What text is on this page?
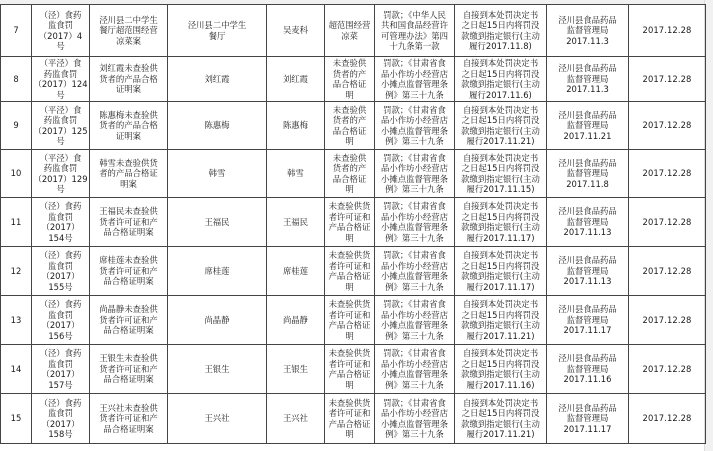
7	（泾）食药
监食罚
（2017）4
号	泾川县二中学生
餐厅超范围经营
凉菜案	泾川县二中学生
餐厅	吴麦科	超范围经营
凉菜	罚款；《中华人民
共和国食品经营许
可管理办法》第四
十九条第一款	自接到本处罚决定书
之日起15日内将罚没
款缴到指定银行(主动
履行2017.11.8)	泾川县食品药品
监督管理局
2017.11.3	2017.12.28
8	（平泾）食
药监食罚
（2017）124
号	刘红霞未查验供
货者的产品合格
证明案	刘红霞	刘红霞	未查验供
货者的产
品合格证
明	罚款；《甘肃省食
品小作坊小经营店
小摊点监督管理条
例》第三十九条	自接到本处罚决定书
之日起15日内将罚没
款缴到指定银行(主动
履行2017.11.6)	泾川县食品药品
监督管理局
2017.11.3	2017.12.28
9	（平泾）食
药监食罚
（2017）125
号	陈惠梅未查验供
货者的产品合格
证明案	陈惠梅	陈惠梅	未查验供
货者的产
品合格证
明	罚款；《甘肃省食
品小作坊小经营店
小摊点监督管理条
例》第三十九条	自接到本处罚决定书
之日起15日内将罚没
款缴到指定银行(主动
履行2017.11.21)	泾川县食品药品
监督管理局
2017.11.21	2017.12.28
10	（平泾）食
药监食罚
（2017）129
号	韩雪未查验供货
者的产品合格证
明案	韩雪	韩雪	未查验供
货者的产
品合格证
明	罚款；《甘肃省食
品小作坊小经营店
小摊点监督管理条
例》第三十九条	自接到本处罚决定书
之日起15日内将罚没
款缴到指定银行(主动
履行2017.11.15)	泾川县食品药品
监督管理局
2017.11.8	2017.12.28
11	（泾）食药
监食罚
（2017）
154号	王福民未查验供
货者许可证和产
品合格证明案	王福民	王福民	未查验供货
者许可证和
产品合格证
明	罚款；《甘肃省食
品小作坊小经营店
小摊点监督管理条
例》第三十九条	自接到本处罚决定书
之日起15日内将罚没
款缴到指定银行(主动
履行2017.11.17)	泾川县食品药品
监督管理局
2017.11.13	2017.12.28
12	（泾）食药
监食罚
（2017）
155号	席桂莲未查验供
货者许可证和产
品合格证明案	席桂莲	席桂莲	未查验供货
者许可证和
产品合格证
明	罚款；《甘肃省食
品小作坊小经营店
小摊点监督管理条
例》第三十九条	自接到本处罚决定书
之日起15日内将罚没
款缴到指定银行(主动
履行2017.11.17)	泾川县食品药品
监督管理局
2017.11.13	2017.12.28
13	（泾）食药
监食罚
（2017）
156号	尚晶静未查验供
货者许可证和产
品合格证明案	尚晶静	尚晶静	未查验供货
者许可证和
产品合格证
明	罚款；《甘肃省食
品小作坊小经营店
小摊点监督管理条
例》第三十九条	自接到本处罚决定书
之日起15日内将罚没
款缴到指定银行(主动
履行2017.11.21)	泾川县食品药品
监督管理局
2017.11.17	2017.12.28
14	（泾）食药
监食罚
（2017）
157号	王银生未查验供
货者许可证和产
品合格证明案	王银生	王银生	未查验供货
者许可证和
产品合格证
明	罚款；《甘肃省食
品小作坊小经营店
小摊点监督管理条
例》第三十九条	自接到本处罚决定书
之日起15日内将罚没
款缴到指定银行(主动
履行2017.11.16)	泾川县食品药品
监督管理局
2017.11.16	2017.12.28
15	（泾）食药
监食罚
（2017）
158号	王兴社未查验供
货者许可证和产
品合格证明案	王兴社	王兴社	未查验供货
者许可证和
产品合格证
明	罚款；《甘肃省食
品小作坊小经营店
小摊点监督管理条
例》第三十九条	自接到本处罚决定书
之日起15日内将罚没
款缴到指定银行(主动
履行2017.11.21)	泾川县食品药品
监督管理局
2017.11.17	2017.12.28
